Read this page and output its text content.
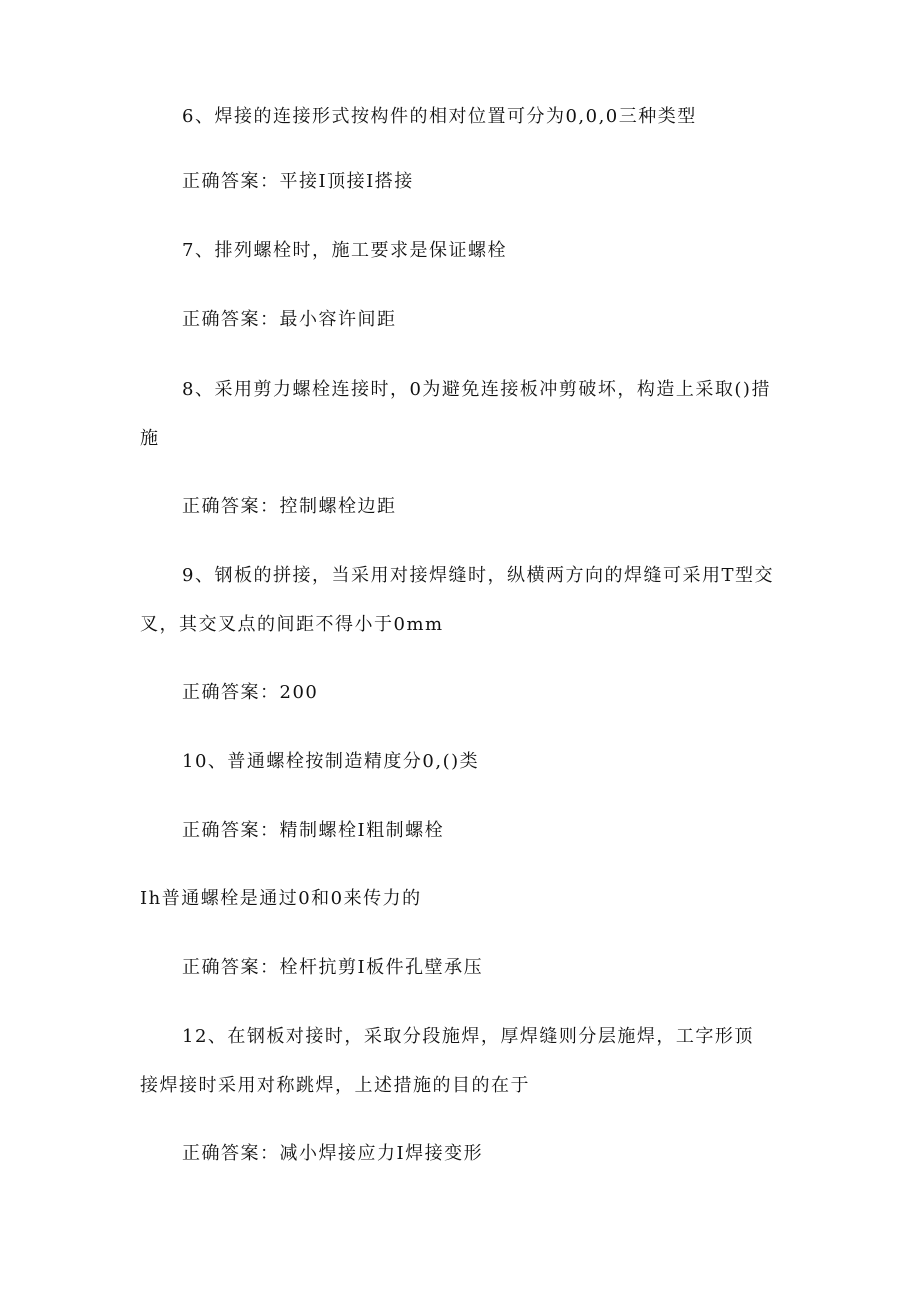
6、焊接的连接形式按构件的相对位置可分为0,0,0三种类型
正确答案：平接I顶接I搭接
7、排列螺栓时，施工要求是保证螺栓
正确答案：最小容许间距
8、采用剪力螺栓连接时，0为避免连接板冲剪破坏，构造上采取()措
施
正确答案：控制螺栓边距
9、钢板的拼接，当采用对接焊缝时，纵横两方向的焊缝可采用T型交
叉，其交叉点的间距不得小于0mm
正确答案：200
10、普通螺栓按制造精度分0,()类
正确答案：精制螺栓I粗制螺栓
Ih普通螺栓是通过0和0来传力的
正确答案：栓杆抗剪I板件孔壁承压
12、在钢板对接时，采取分段施焊，厚焊缝则分层施焊，工字形顶
接焊接时采用对称跳焊，上述措施的目的在于
正确答案：减小焊接应力I焊接变形
